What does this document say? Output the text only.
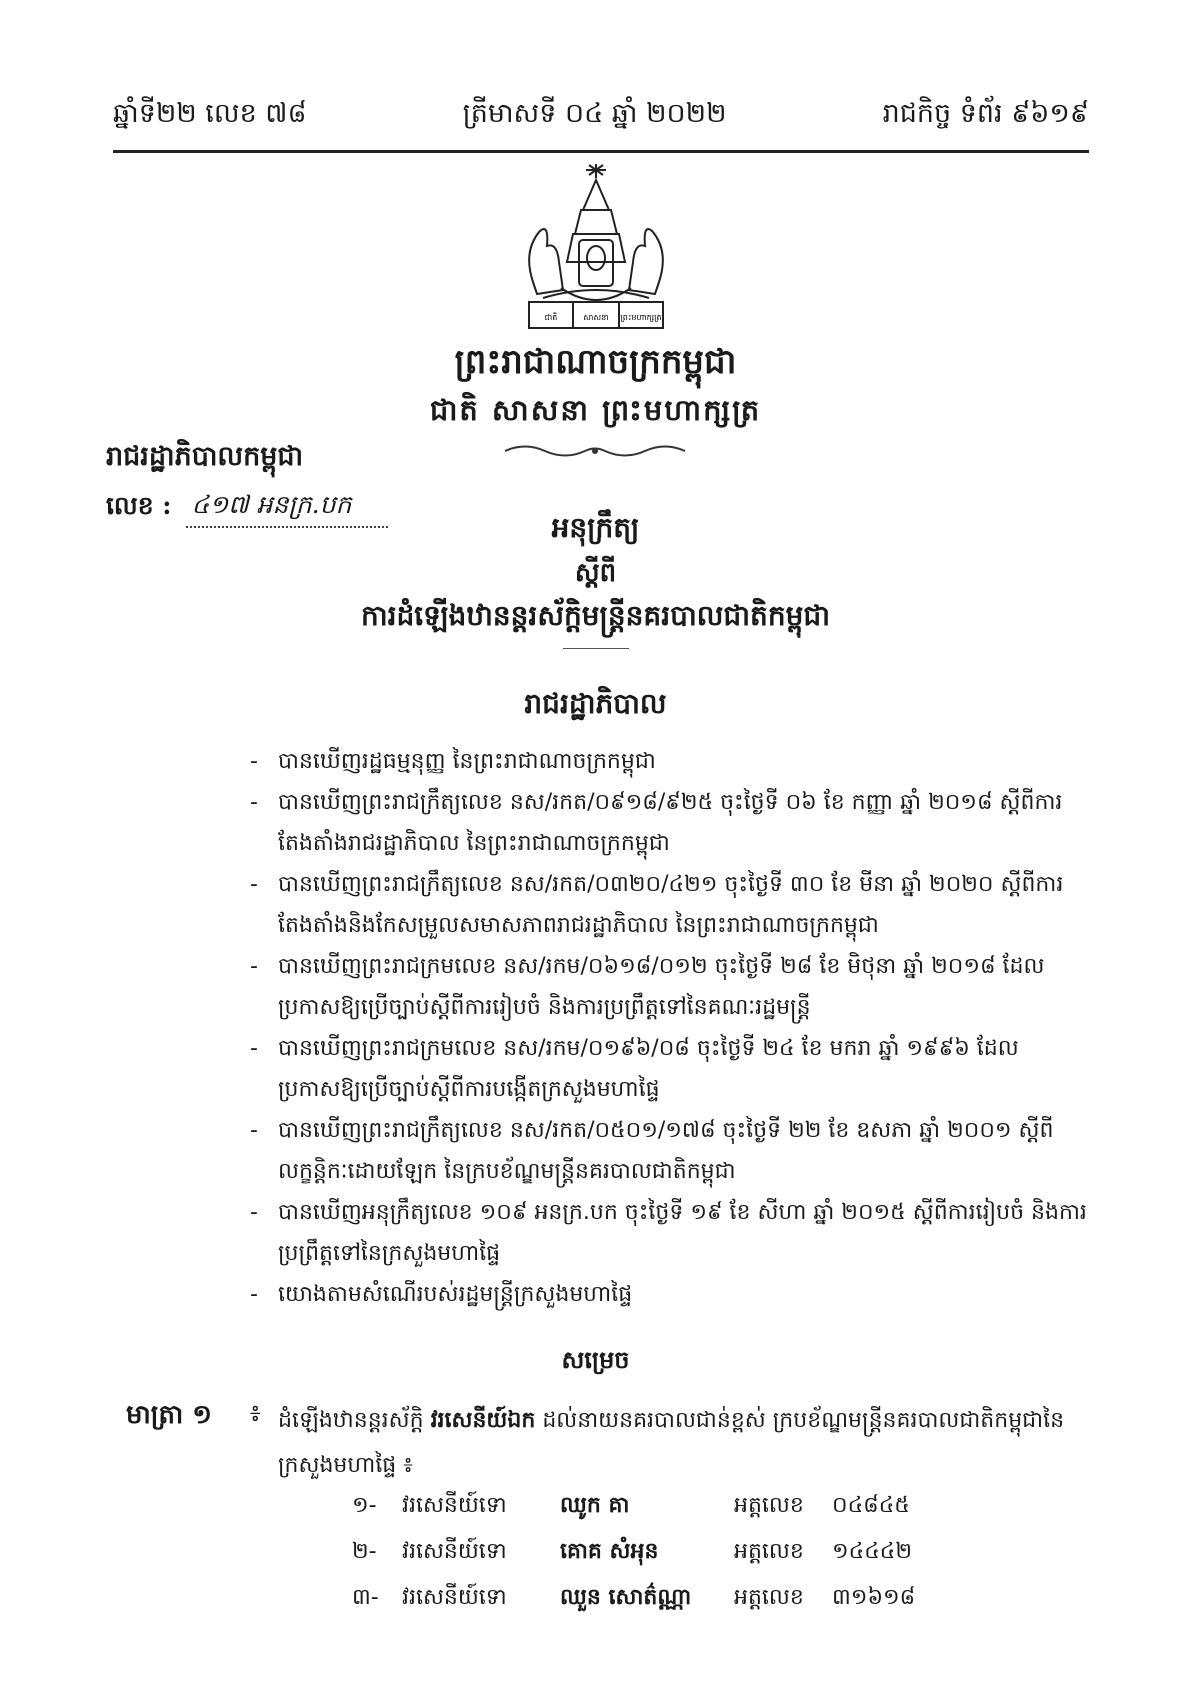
ឆ្នាំទី២២ លេខ ៧៨	ត្រីមាសទី ០៤ ឆ្នាំ ២០២២	រាជកិច្ច ទំព័រ ៩៦១៩
ជាតិ	សាសនា ព្រះមហាក្សត្រ
ព្រះរាជាណាចក្រកម្ពុជា
ជាតិ សាសនា ព្រះមហាក្សត្រ
រាជរដ្ឋាភិបាលកម្ពុជា
លេខ : ៤១៧ អនក្រ.បក
អនុក្រឹត្យ
ស្តីពី
ការដំឡើងឋានន្តរស័ក្តិមន្ត្រីនគរបាលជាតិកម្ពុជា
រាជរដ្ឋាភិបាល
- បានឃើញរដ្ឋធម្មនុញ្ញ នៃព្រះរាជាណាចក្រកម្ពុជា
- បានឃើញព្រះរាជក្រឹត្យលេខ នស/រកត/០៩១៨/៩២៥ ចុះថ្ងៃទី ០៦ ខែ កញ្ញា ឆ្នាំ ២០១៨ ស្តីពីការតែងតាំងរាជរដ្ឋាភិបាល នៃព្រះរាជាណាចក្រកម្ពុជា
- បានឃើញព្រះរាជក្រឹត្យលេខ នស/រកត/០៣២០/៤២១ ចុះថ្ងៃទី ៣០ ខែ មីនា ឆ្នាំ ២០២០ ស្តីពីការតែងតាំងនិងកែសម្រួលសមាសភាពរាជរដ្ឋាភិបាល នៃព្រះរាជាណាចក្រកម្ពុជា
- បានឃើញព្រះរាជក្រមលេខ នស/រកម/០៦១៨/០១២ ចុះថ្ងៃទី ២៨ ខែ មិថុនា ឆ្នាំ ២០១៨ ដែលប្រកាសឱ្យប្រើច្បាប់ស្តីពីការរៀបចំ និងការប្រព្រឹត្តទៅនៃគណៈរដ្ឋមន្ត្រី
- បានឃើញព្រះរាជក្រមលេខ នស/រកម/០១៩៦/០៨ ចុះថ្ងៃទី ២៤ ខែ មករា ឆ្នាំ ១៩៩៦ ដែលប្រកាសឱ្យប្រើច្បាប់ស្តីពីការបង្កើតក្រសួងមហាផ្ទៃ
- បានឃើញព្រះរាជក្រឹត្យលេខ នស/រកត/០៥០១/១៧៨ ចុះថ្ងៃទី ២២ ខែ ឧសភា ឆ្នាំ ២០០១ ស្តីពីលក្ខន្តិកៈដោយឡែក នៃក្របខ័ណ្ឌមន្ត្រីនគរបាលជាតិកម្ពុជា
- បានឃើញអនុក្រឹត្យលេខ ១០៩ អនក្រ.បក ចុះថ្ងៃទី ១៩ ខែ សីហា ឆ្នាំ ២០១៥ ស្តីពីការរៀបចំ និងការប្រព្រឹត្តទៅនៃក្រសួងមហាផ្ទៃ
- យោងតាមសំណើរបស់រដ្ឋមន្ត្រីក្រសួងមហាផ្ទៃ
សម្រេច
មាត្រា ១ ៖ ដំឡើងឋានន្តរស័ក្តិ វរសេនីយ៍ឯក ដល់នាយនគរបាលជាន់ខ្ពស់ ក្របខ័ណ្ឌមន្ត្រីនគរបាលជាតិកម្ពុជានៃក្រសួងមហាផ្ទៃ ៖
១-	វរសេនីយ៍ទោ	ឈូក គា	អត្តលេខ	០៤៨៤៥
២-	វរសេនីយ៍ទោ	គោគ សំអុន	អត្តលេខ	១៤៤៤២
៣-	វរសេនីយ៍ទោ	ឈួន សោត៌ណ្ណា	អត្តលេខ	៣១៦១៨
